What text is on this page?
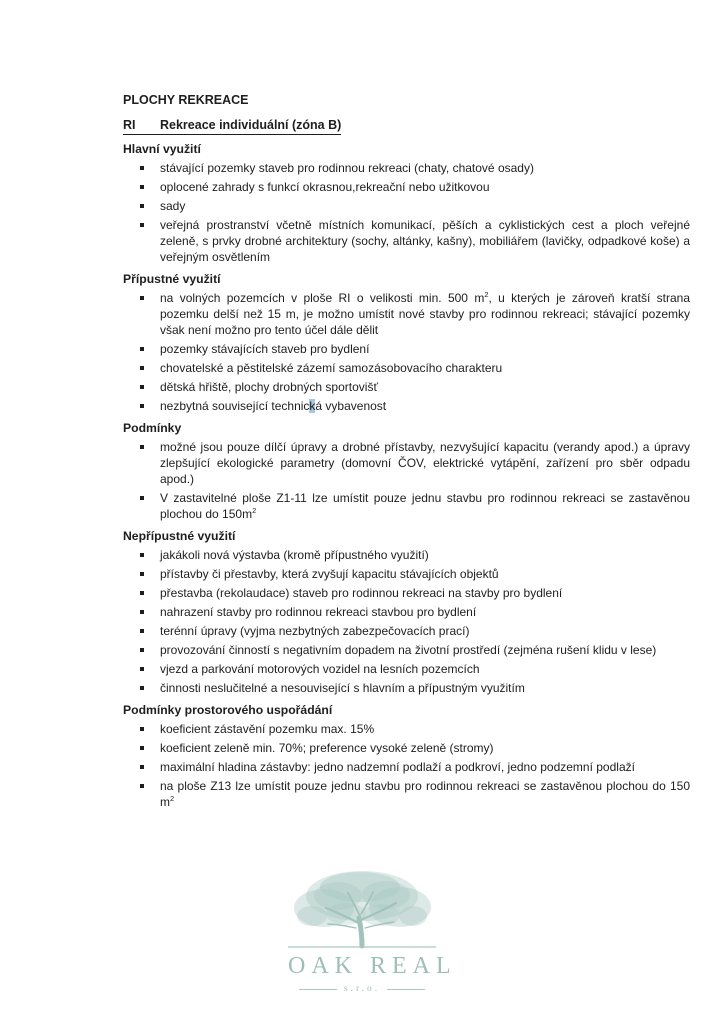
PLOCHY REKREACE
RI Rekreace individuální (zóna B)
Hlavní využití
stávající pozemky staveb pro rodinnou rekreaci (chaty, chatové osady)
oplocené zahrady s funkcí okrasnou,rekreační nebo užitkovou
sady
veřejná prostranství včetně místních komunikací, pěších a cyklistických cest a ploch veřejné zeleně, s prvky drobné architektury (sochy, altánky, kašny), mobiliářem (lavičky, odpadkové koše) a veřejným osvětlením
Přípustné využití
na volných pozemcích v ploše RI o velikosti min. 500 $m^2$, u kterých je zároveň kratší strana pozemku delší než 15 m, je možno umístit nové stavby pro rodinnou rekreaci; stávající pozemky však není možno pro tento účel dále dělit
pozemky stávajících staveb pro bydlení
chovatelské a pěstitelské zázemí samozásobovacího charakteru
dětská hřiště, plochy drobných sportovišť
nezbytná související technická vybavenost
Podmínky
možné jsou pouze dílčí úpravy a drobné přístavby, nezvyšující kapacitu (verandy apod.) a úpravy zlepšující ekologické parametry (domovní ČOV, elektrické vytápění, zařízení pro sběr odpadu apod.)
V zastavitelné ploše Z1-11 lze umístit pouze jednu stavbu pro rodinnou rekreaci se zastavěnou plochou do $150m^2$
Nepřípustné využití
jakákoli nová výstavba (kromě přípustného využití)
přístavby či přestavby, která zvyšují kapacitu stávajících objektů
přestavba (rekolaudace) staveb pro rodinnou rekreaci na stavby pro bydlení
nahrazení stavby pro rodinnou rekreaci stavbou pro bydlení
terénní úpravy (vyjma nezbytných zabezpečovacích prací)
provozování činností s negativním dopadem na životní prostředí (zejména rušení klidu v lese)
vjezd a parkování motorových vozidel na lesních pozemcích
činnosti neslučitelné a nesouvisející s hlavním a přípustným využitím
Podmínky prostorového uspořádání
koeficient zástavění pozemku max. 15%
koeficient zeleně min. 70%; preference vysoké zeleně (stromy)
maximální hladina zástavby: jedno nadzemní podlaží a podkroví, jedno podzemní podlaží
na ploše Z13 lze umístit pouze jednu stavbu pro rodinnou rekreaci se zastavěnou plochou do 150 $m^2$
OAK REAL
s.r.o.
